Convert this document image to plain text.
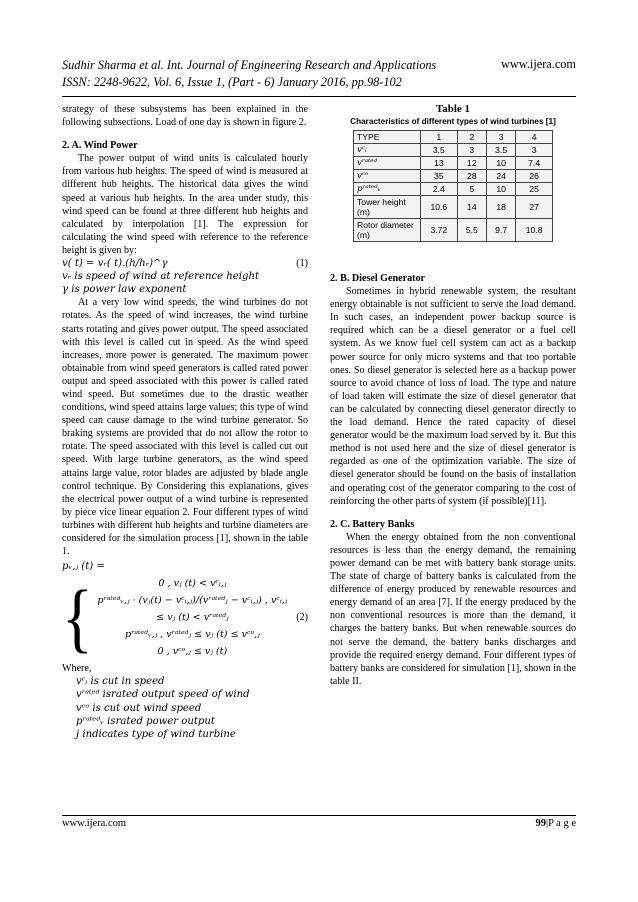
Sudhir Sharma et al. Int. Journal of Engineering Research and Applications
ISSN: 2248-9622, Vol. 6, Issue 1, (Part - 6) January 2016, pp.98-102
www.ijera.com

strategy of these subsystems has been explained in the following subsections. Load of one day is shown in figure 2.

2. A. Wind Power

The power output of wind units is calculated hourly from various hub heights. The speed of wind is measured at different hub heights. The historical data gives the wind speed at various hub heights. In the area under study, this wind speed can be found at three different hub heights and calculated by interpolation [1]. The expression for calculating the wind speed with reference to the reference height is given by:

v( t) = vᵣ( t).(h/hᵣ)^γ	(1)

vᵣ is speed of wind at reference height

γ is power law exponent

At a very low wind speeds, the wind turbines do not rotates. As the speed of wind increases, the wind turbine starts rotating and gives power output. The speed associated with this level is called cut in speed. As the wind speed increases, more power is generated. The maximum power obtainable from wind speed generators is called rated power output and speed associated with this power is called rated wind speed. But sometimes due to the drastic weather conditions, wind speed attains large values; this type of wind speed can cause damage to the wind turbine generator. So braking systems are provided that do not allow the rotor to rotate. The speed associated with this level is called cut out speed. With large turbine generators, as the wind speed attains large value, rotor blades are adjusted by blade angle control technique. By Considering this explanations, gives the electrical power output of a wind turbine is represented by piece vice linear equation 2. Four different types of wind turbines with different hub heights and turbine diameters are considered for the simulation process [1], shown in the table 1.

pᵥ,ⱼ (t) =
{	0 , vⱼ (t) < vᶜᵢ,ⱼ
pʳᵃᵗᵉᵈᵥ,ⱼ · (vⱼ(t) − vᶜᵢ,ⱼ)/(vʳᵃᵗᵉᵈⱼ − vᶜᵢ,ⱼ) , vᶜᵢ,ⱼ ≤ vⱼ (t) < vʳᵃᵗᵉᵈⱼ
pʳᵃᵗᵉᵈᵥ,ⱼ , vʳᵃᵗᵉᵈⱼ ≤ vⱼ (t) ≤ vᶜᵒ,ⱼ
0 , vᶜᵒ,ⱼ ≤ vⱼ (t)
(2)

Where,

vᶜᵢ is cut in speed
vʳᵃᵗᵉᵈ israted output speed of wind
vᶜᵒ is cut out wind speed
pʳᵃᵗᵉᵈᵥ israted power output
j indicates type of wind turbine
Table 1
Characteristics of different types of wind turbines [1]
TYPE	1	2	3	4
vᶜᵢ	3.5	3	3.5	3
vʳᵃᵗᵉᵈ	13	12	10	7.4
vᶜᵒ	35	28	24	26
pʳᵃᵗᵉᵈᵥ	2.4	5	10	25
Tower height (m)	10.6	14	18	27
Rotor diameter (m)	3.72	5.5	9.7	10.8

2. B. Diesel Generator

Sometimes in hybrid renewable system, the resultant energy obtainable is not sufficient to serve the load demand. In such cases, an independent power backup source is required which can be a diesel generator or a fuel cell system. As we know fuel cell system can act as a backup power source for only micro systems and that too portable ones. So diesel generator is selected here as a backup power source to avoid chance of loss of load. The type and nature of load taken will estimate the size of diesel generator that can be calculated by connecting diesel generator directly to the load demand. Hence the rated capacity of diesel generator would be the maximum load served by it. But this method is not used here and the size of diesel generator is regarded as one of the optimization variable. The size of diesel generator should be found on the basis of installation and operating cost of the generator comparing to the cost of reinforcing the other parts of system (if possible)[11].

2. C. Battery Banks

When the energy obtained from the non conventional resources is less than the energy demand, the remaining power demand can be met with battery bank storage units. The state of charge of battery banks is calculated from the difference of energy produced by renewable resources and energy demand of an area [7]. If the energy produced by the non conventional resources is more than the demand, it charges the battery banks. But when renewable sources do not serve the demand, the battery banks discharges and provide the required energy demand. Four different types of battery banks are considered for simulation [1], shown in the table II.

www.ijera.com	99|P a g e
